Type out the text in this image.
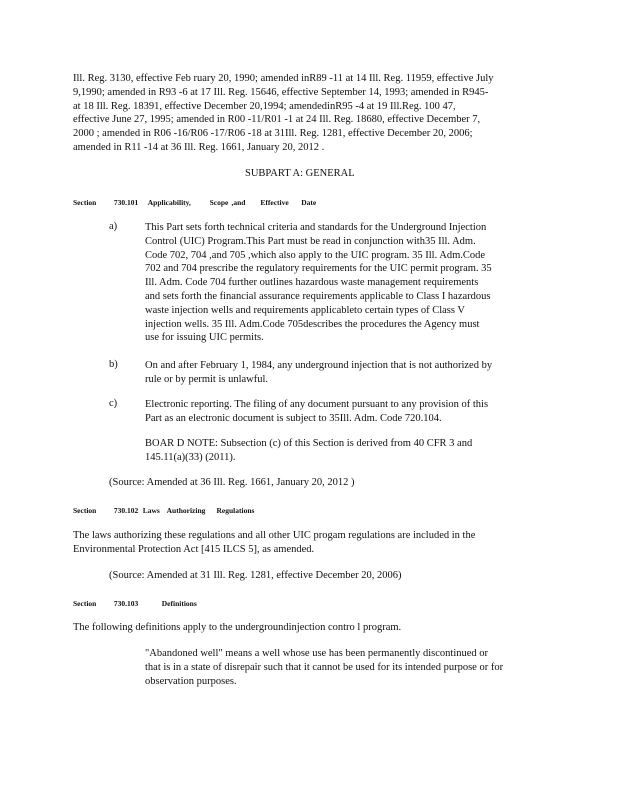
Ill. Reg. 3130, effective Feb ruary 20, 1990; amended inR89 -11 at 14 Ill. Reg. 11959, effective July
9,1990; amended in R93 -6 at 17 Ill. Reg. 15646, effective September 14, 1993; amended in R945-
at 18 Ill. Reg. 18391, effective December 20,1994; amendedinR95 -4 at 19 Ill.Reg. 100 47,
effective June 27, 1995; amended in R00 -11/R01 -1 at 24 Ill. Reg. 18680, effective December 7,
2000 ; amended in R06 -16/R06 -17/R06 -18 at 31Ill. Reg. 1281, effective December 20, 2006;
amended in R11 -14 at 36 Ill. Reg. 1661, January 20, 2012 .
SUBPART A: GENERAL
Section 730.101 Applicability, Scope ,and Effective Date
a)	This Part sets forth technical criteria and standards for the Underground Injection
Control (UIC) Program.This Part must be read in conjunction with35 Ill. Adm.
Code 702, 704 ,and 705 ,which also apply to the UIC program. 35 Ill. Adm.Code
702 and 704 prescribe the regulatory requirements for the UIC permit program. 35
Ill. Adm. Code 704 further outlines hazardous waste management requirements
and sets forth the financial assurance requirements applicable to Class I hazardous
waste injection wells and requirements applicableto certain types of Class V
injection wells. 35 Ill. Adm.Code 705describes the procedures the Agency must
use for issuing UIC permits.
b)	On and after February 1, 1984, any underground injection that is not authorized by
rule or by permit is unlawful.
c)	Electronic reporting. The filing of any document pursuant to any provision of this
Part as an electronic document is subject to 35Ill. Adm. Code 720.104.
BOAR D NOTE: Subsection (c) of this Section is derived from 40 CFR 3 and
145.11(a)(33) (2011).
(Source: Amended at 36 Ill. Reg. 1661, January 20, 2012 )
Section 730.102 Laws Authorizing Regulations
The laws authorizing these regulations and all other UIC progam regulations are included in the
Environmental Protection Act [415 ILCS 5], as amended.
(Source: Amended at 31 Ill. Reg. 1281, effective December 20, 2006)
Section 730.103	Definitions
The following definitions apply to the undergroundinjection contro l program.
"Abandoned well" means a well whose use has been permanently discontinued or
that is in a state of disrepair such that it cannot be used for its intended purpose or for
observation purposes.
